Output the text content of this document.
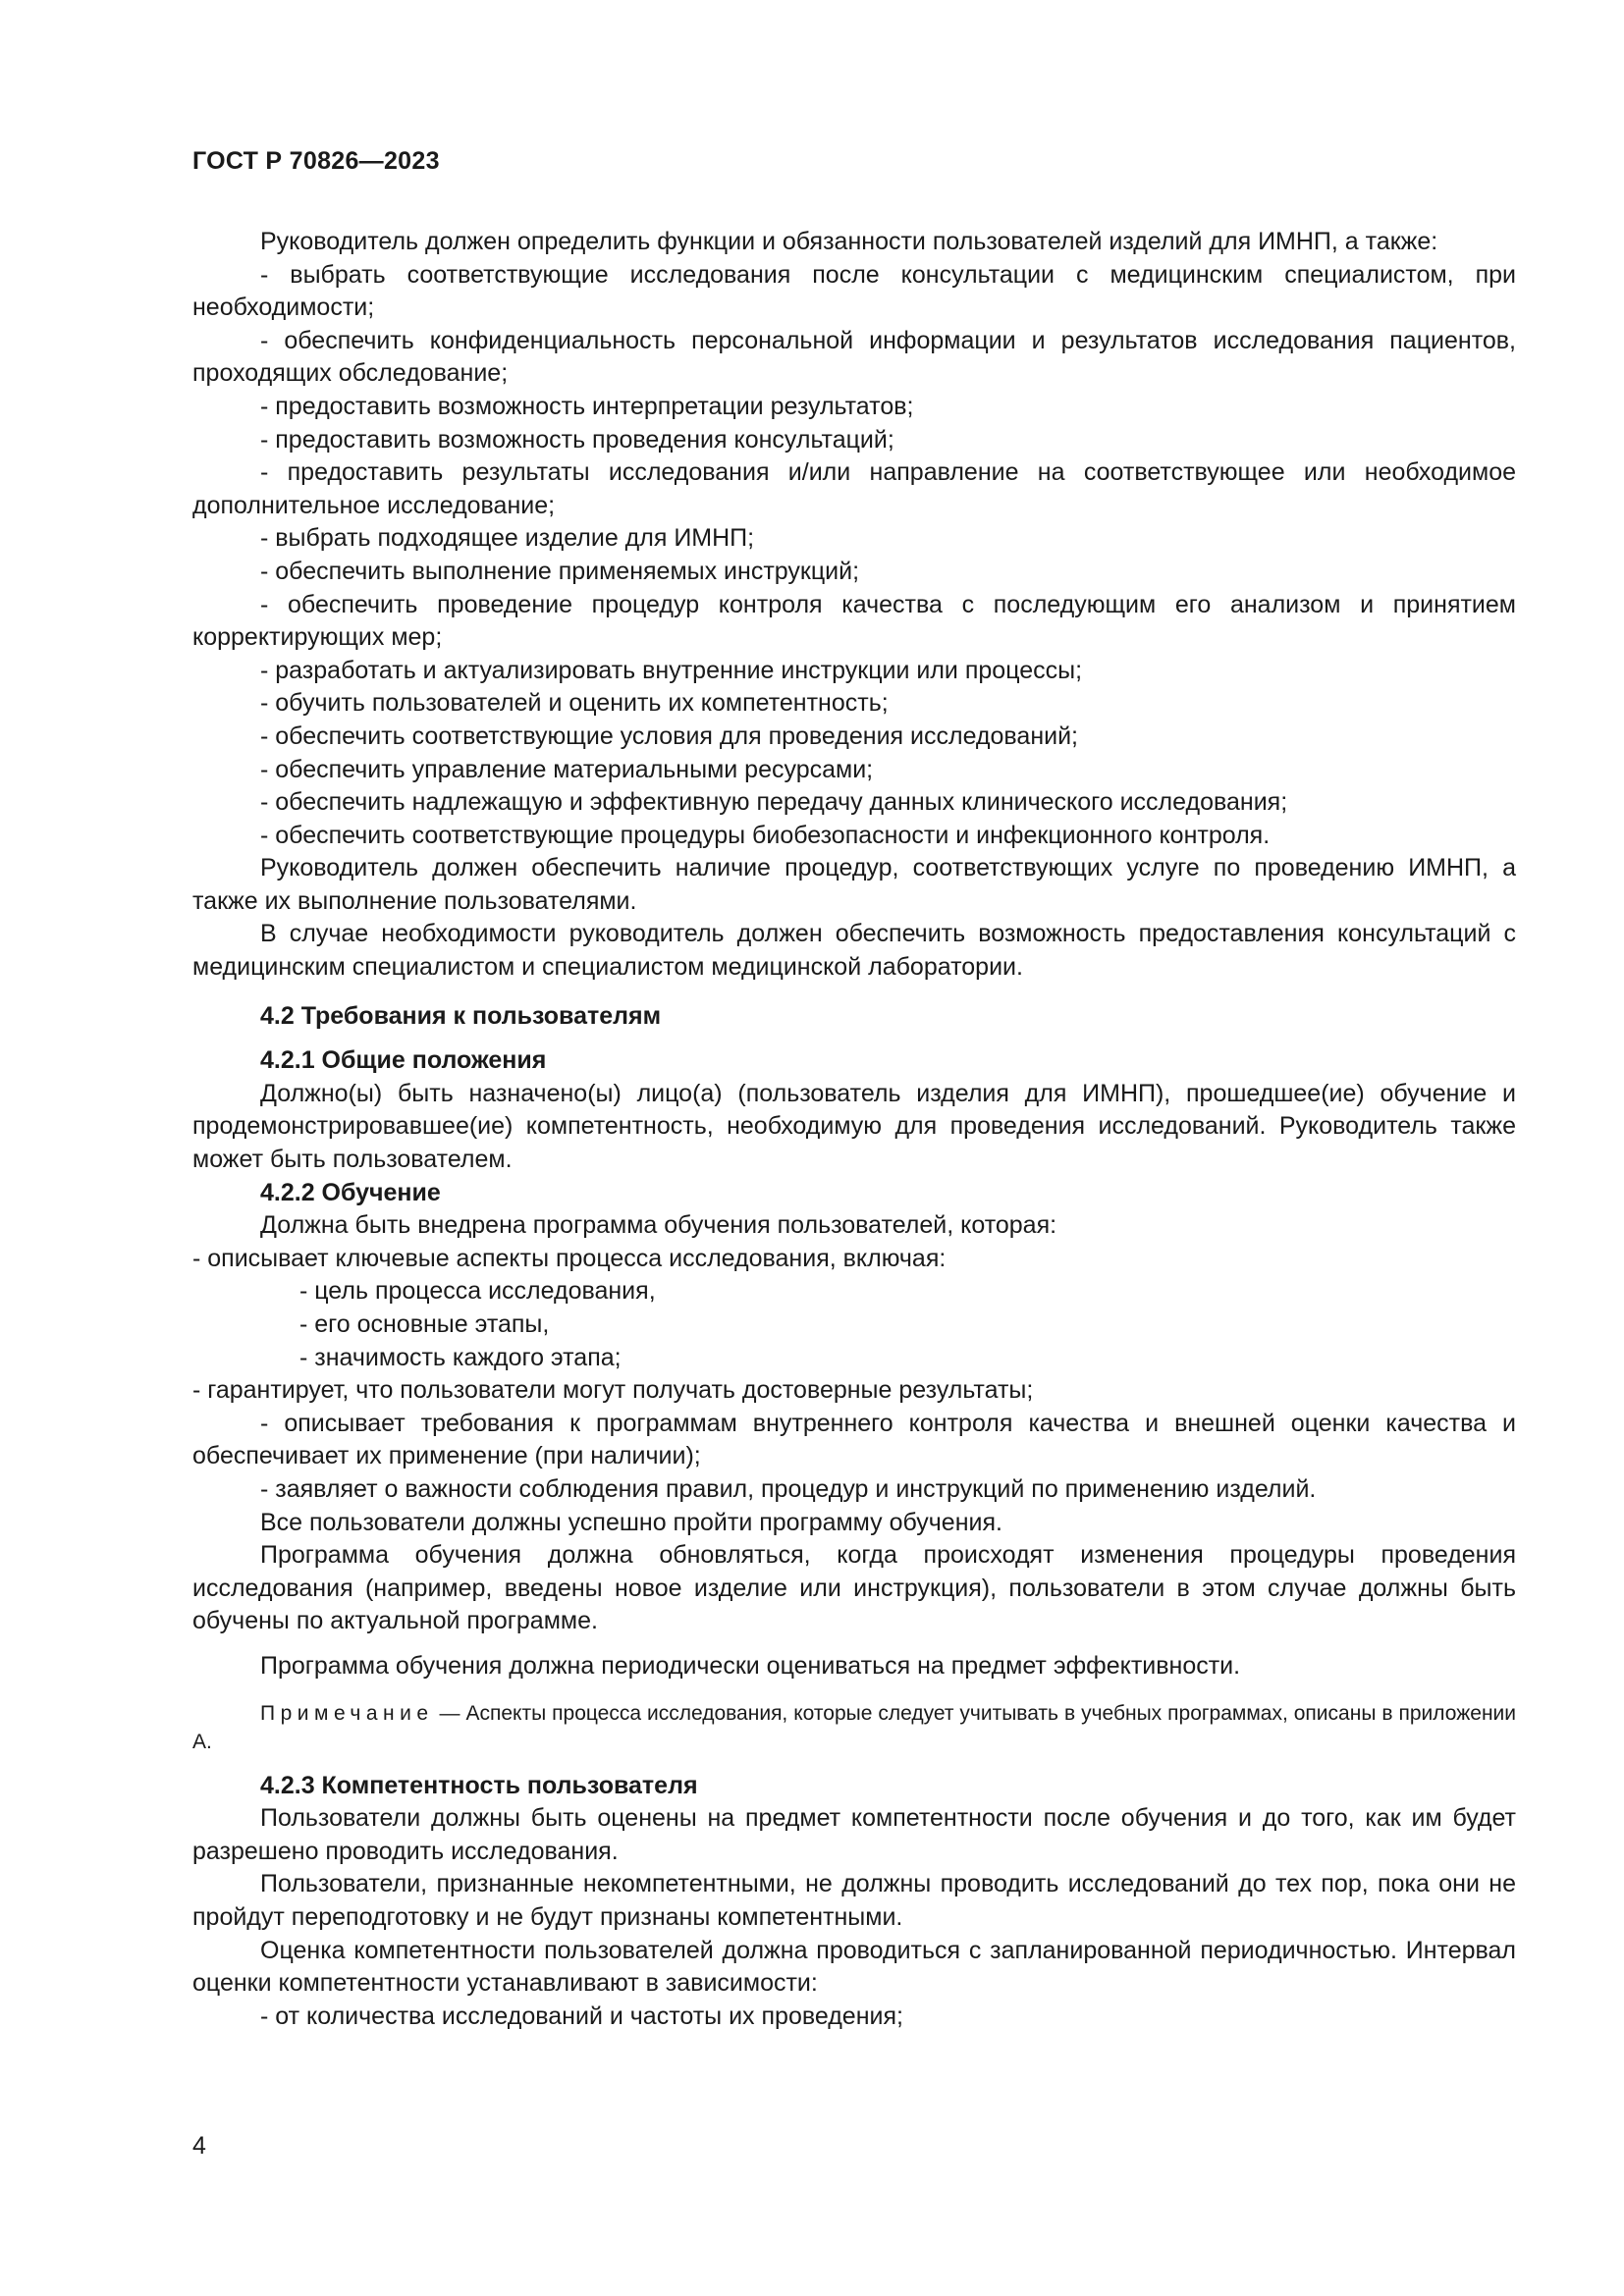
ГОСТ Р 70826—2023

Руководитель должен определить функции и обязанности пользователей изделий для ИМНП, а также:

- выбрать соответствующие исследования после консультации с медицинским специалистом, при необходимости;

- обеспечить конфиденциальность персональной информации и результатов исследования пациентов, проходящих обследование;

- предоставить возможность интерпретации результатов;

- предоставить возможность проведения консультаций;

- предоставить результаты исследования и/или направление на соответствующее или необходимое дополнительное исследование;

- выбрать подходящее изделие для ИМНП;

- обеспечить выполнение применяемых инструкций;

- обеспечить проведение процедур контроля качества с последующим его анализом и принятием корректирующих мер;

- разработать и актуализировать внутренние инструкции или процессы;

- обучить пользователей и оценить их компетентность;

- обеспечить соответствующие условия для проведения исследований;

- обеспечить управление материальными ресурсами;

- обеспечить надлежащую и эффективную передачу данных клинического исследования;

- обеспечить соответствующие процедуры биобезопасности и инфекционного контроля.

Руководитель должен обеспечить наличие процедур, соответствующих услуге по проведению ИМНП, а также их выполнение пользователями.

В случае необходимости руководитель должен обеспечить возможность предоставления консультаций с медицинским специалистом и специалистом медицинской лаборатории.

4.2 Требования к пользователям

4.2.1 Общие положения

Должно(ы) быть назначено(ы) лицо(а) (пользователь изделия для ИМНП), прошедшее(ие) обучение и продемонстрировавшее(ие) компетентность, необходимую для проведения исследований. Руководитель также может быть пользователем.

4.2.2 Обучение

Должна быть внедрена программа обучения пользователей, которая:

- описывает ключевые аспекты процесса исследования, включая:

- цель процесса исследования,

- его основные этапы,

- значимость каждого этапа;

- гарантирует, что пользователи могут получать достоверные результаты;

- описывает требования к программам внутреннего контроля качества и внешней оценки качества и обеспечивает их применение (при наличии);

- заявляет о важности соблюдения правил, процедур и инструкций по применению изделий.

Все пользователи должны успешно пройти программу обучения.

Программа обучения должна обновляться, когда происходят изменения процедуры проведения исследования (например, введены новое изделие или инструкция), пользователи в этом случае должны быть обучены по актуальной программе.

Программа обучения должна периодически оцениваться на предмет эффективности.

Примечание — Аспекты процесса исследования, которые следует учитывать в учебных программах, описаны в приложении А.

4.2.3 Компетентность пользователя

Пользователи должны быть оценены на предмет компетентности после обучения и до того, как им будет разрешено проводить исследования.

Пользователи, признанные некомпетентными, не должны проводить исследований до тех пор, пока они не пройдут переподготовку и не будут признаны компетентными.

Оценка компетентности пользователей должна проводиться с запланированной периодичностью. Интервал оценки компетентности устанавливают в зависимости:

- от количества исследований и частоты их проведения;

4
